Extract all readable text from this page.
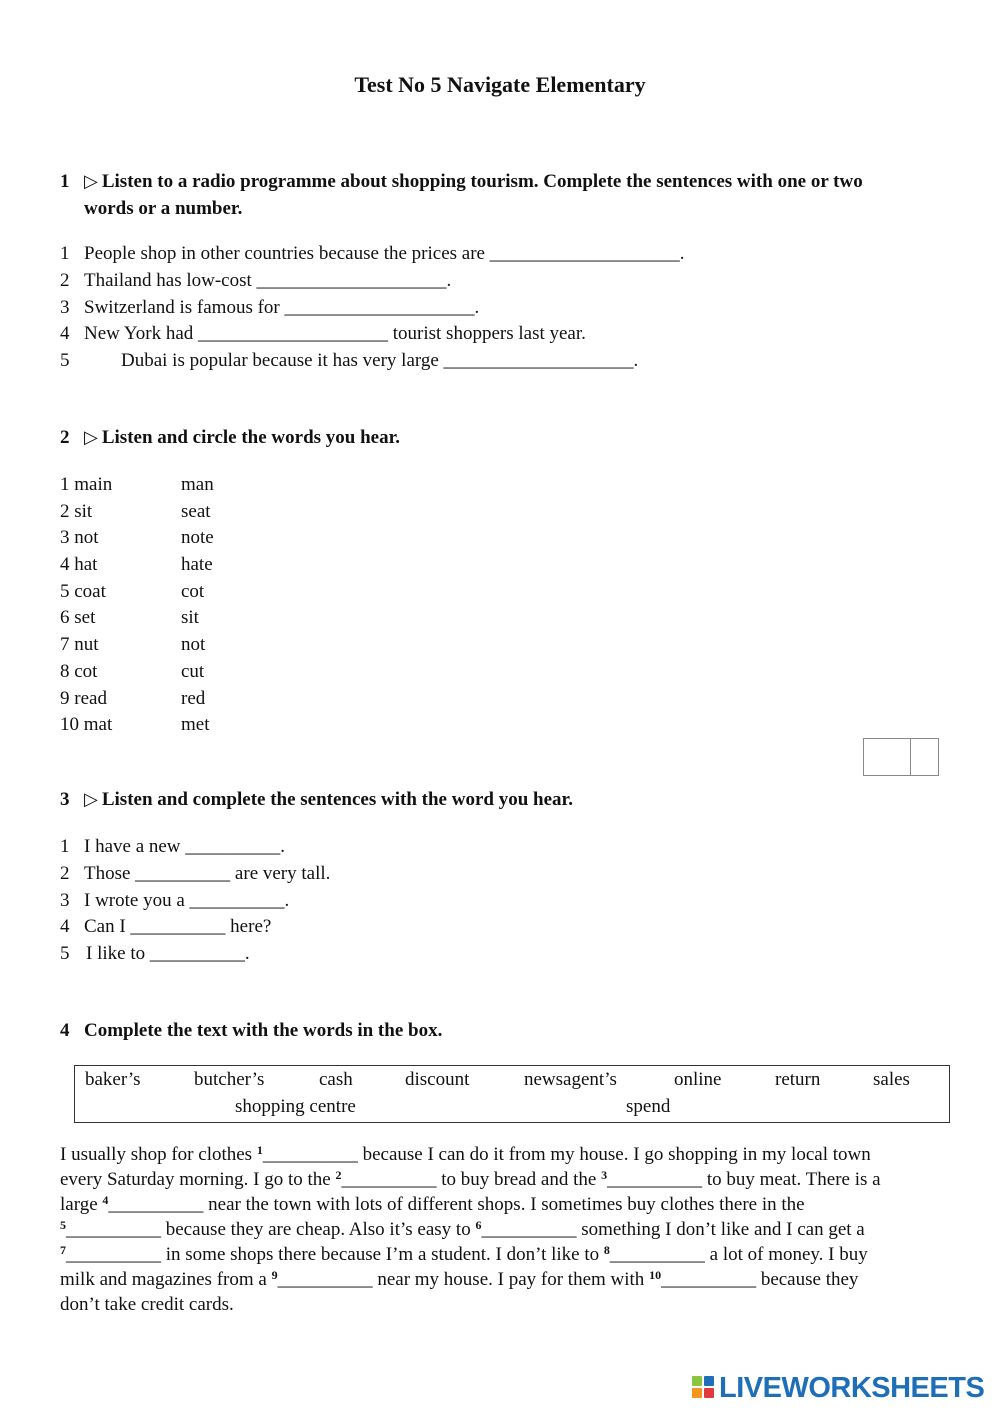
Test No 5 Navigate Elementary
1 ▷ Listen to a radio programme about shopping tourism. Complete the sentences with one or two
words or a number.
1 People shop in other countries because the prices are ____________________.
2 Thailand has low-cost ____________________.
3 Switzerland is famous for ____________________.
4 New York had ____________________ tourist shoppers last year.
5	Dubai is popular because it has very large ____________________.
2 ▷ Listen and circle the words you hear.
1 main	man
2 sit	seat
3 not	note
4 hat	hate
5 coat	cot
6 set	sit
7 nut	not
8 cot	cut
9 read	red
10 mat	met
3 ▷ Listen and complete the sentences with the word you hear.
1 I have a new __________.
2 Those __________ are very tall.
3 I wrote you a __________.
4 Can I __________ here?
5 I like to __________.
4 Complete the text with the words in the box.
baker’s	butcher’s	cash	discount	newsagent’s	online	return	sales
shopping centre	spend
I usually shop for clothes $^1$__________ because I can do it from my house. I go shopping in my local town
every Saturday morning. I go to the $^2$__________ to buy bread and the $^3$__________ to buy meat. There is a
large $^4$__________ near the town with lots of different shops. I sometimes buy clothes there in the
$^5$__________ because they are cheap. Also it’s easy to $^6$__________ something I don’t like and I can get a
$^7$__________ in some shops there because I’m a student. I don’t like to $^8$__________ a lot of money. I buy
milk and magazines from a $^9$__________ near my house. I pay for them with $^{10}$__________ because they
don’t take credit cards.
LIVEWORKSHEETS
